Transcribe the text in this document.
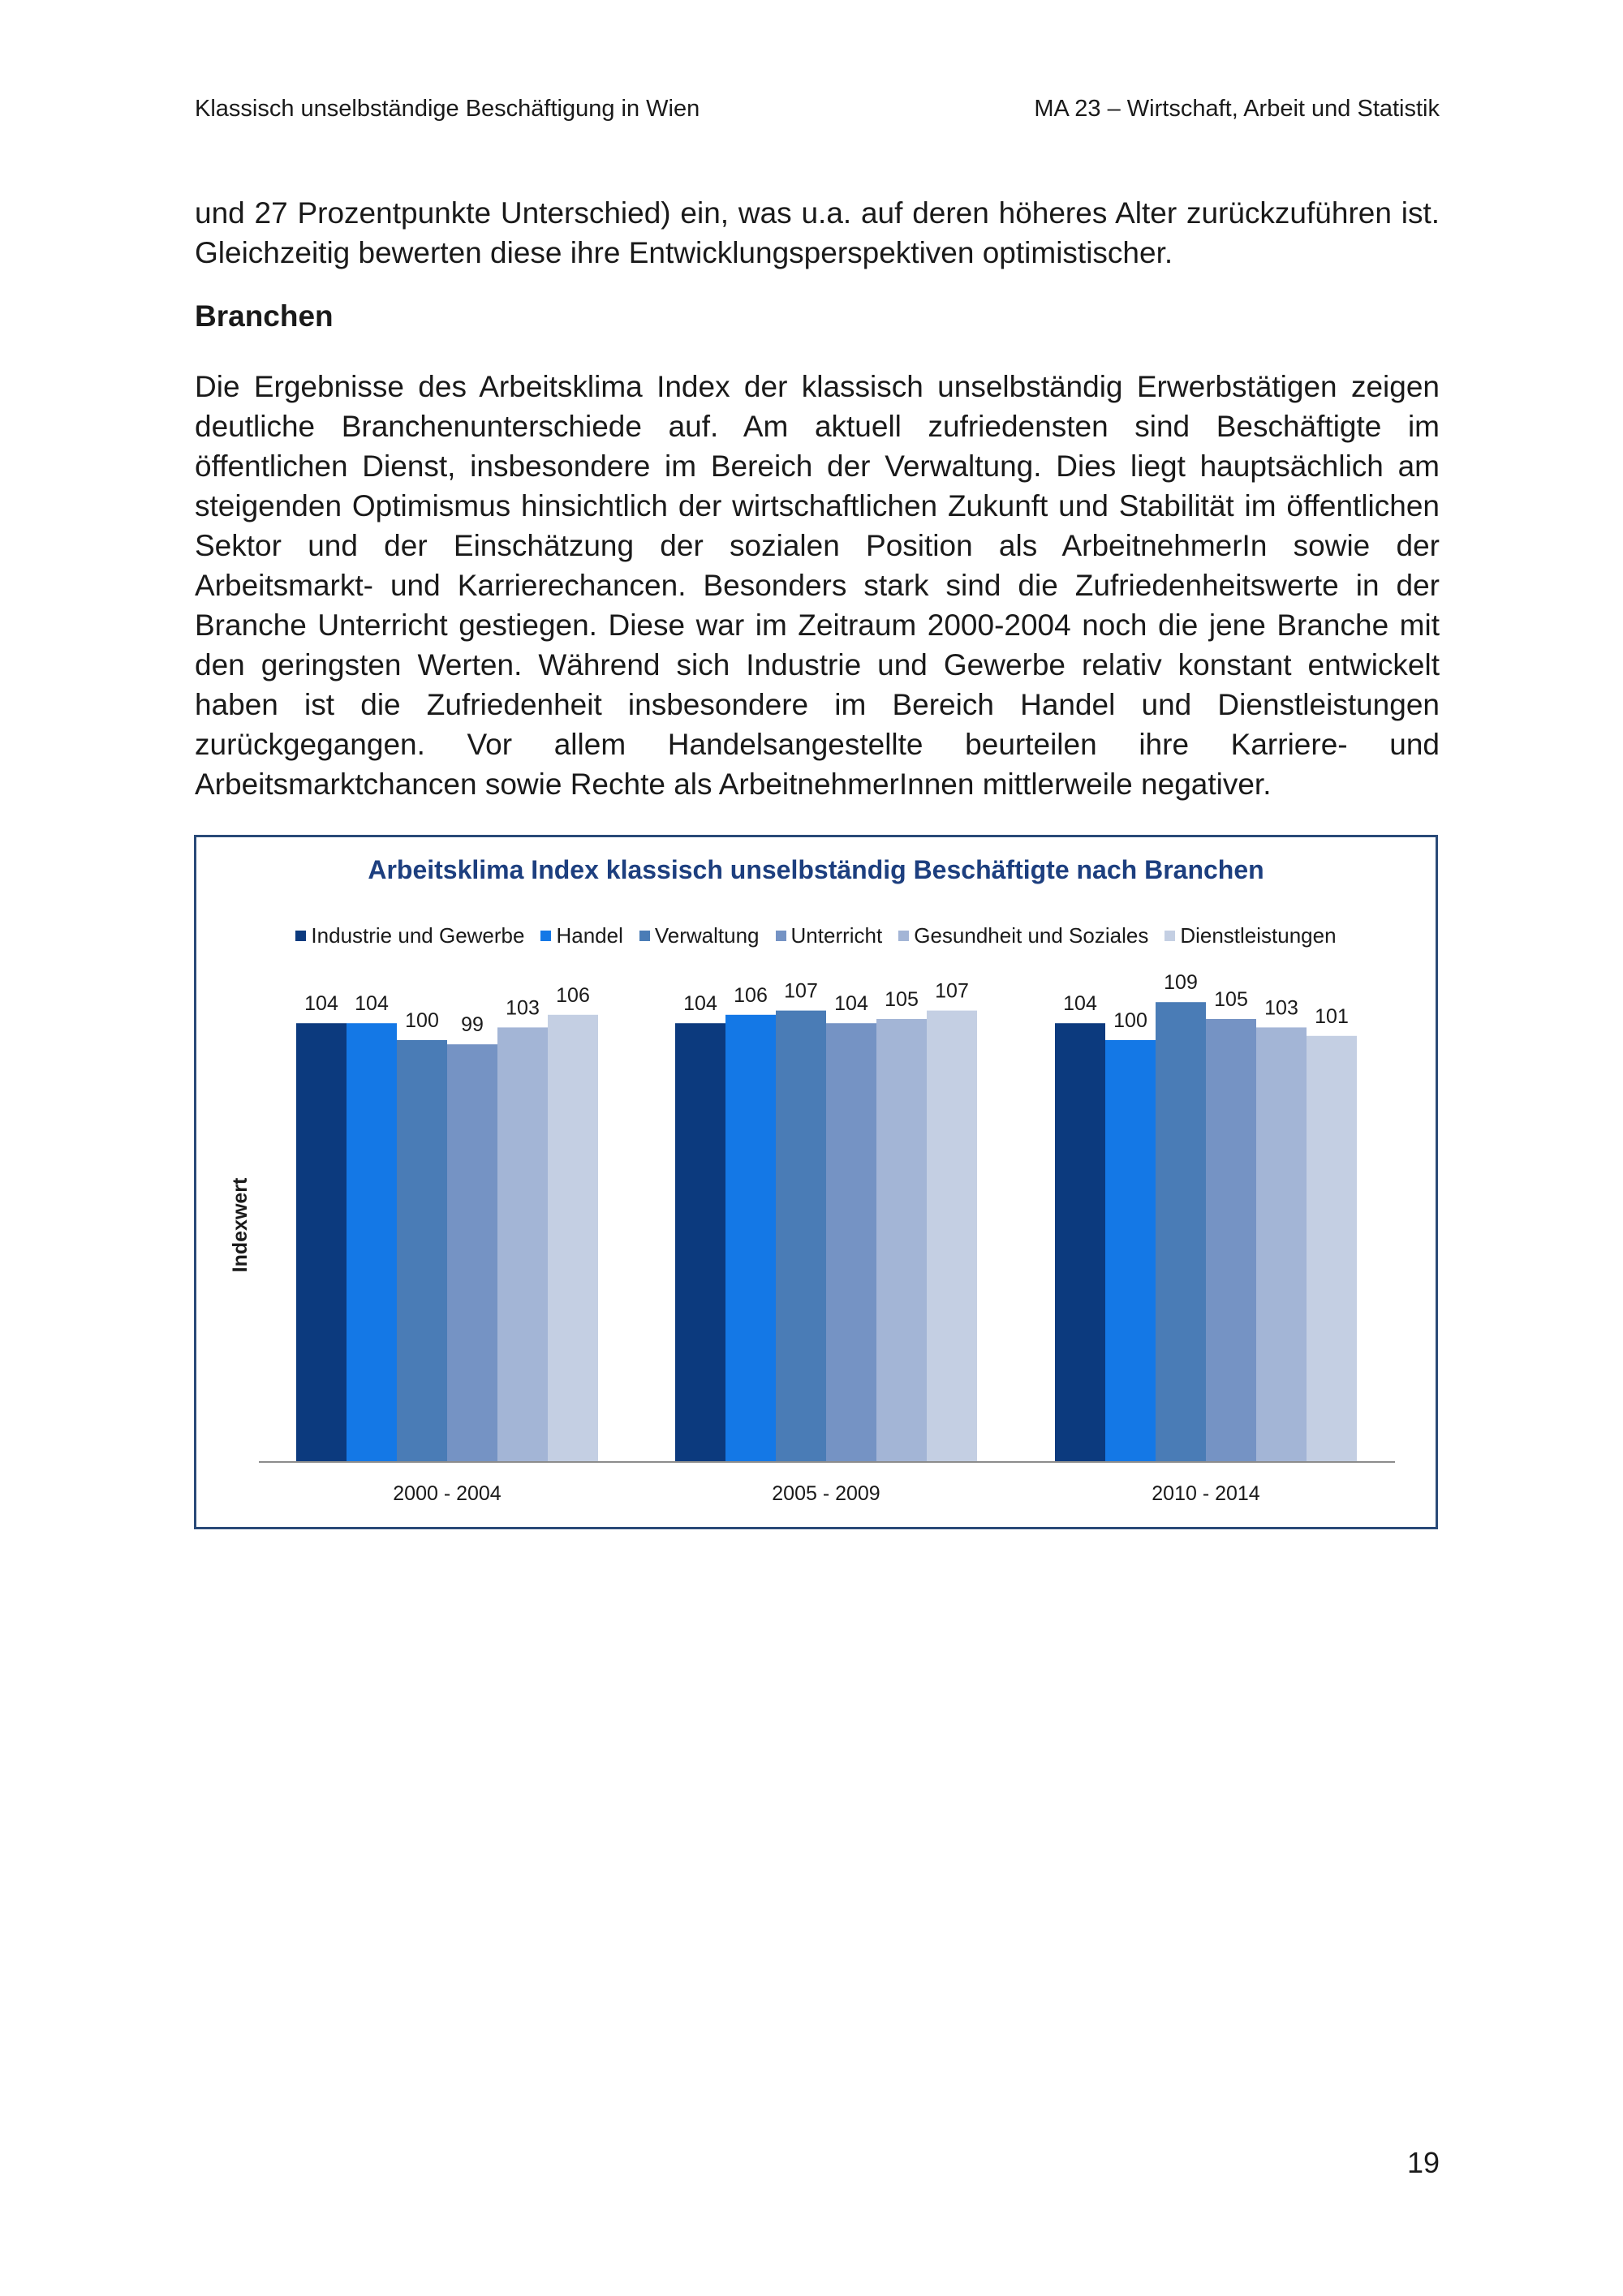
Klassisch unselbständige Beschäftigung in Wien	MA 23 – Wirtschaft, Arbeit und Statistik

und 27 Prozentpunkte Unterschied) ein, was u.a. auf deren höheres Alter zurückzuführen ist. Gleichzeitig bewerten diese ihre Entwicklungsperspektiven optimistischer.

Branchen

Die Ergebnisse des Arbeitsklima Index der klassisch unselbständig Erwerbstätigen zeigen deutliche Branchenunterschiede auf. Am aktuell zufriedensten sind Beschäftigte im öffentlichen Dienst, insbesondere im Bereich der Verwaltung. Dies liegt hauptsächlich am steigenden Optimismus hinsichtlich der wirtschaftlichen Zukunft und Stabilität im öffentlichen Sektor und der Einschätzung der sozialen Position als ArbeitnehmerIn sowie der Arbeitsmarkt- und Karrierechancen. Besonders stark sind die Zufriedenheitswerte in der Branche Unterricht gestiegen. Diese war im Zeitraum 2000-2004 noch die jene Branche mit den geringsten Werten. Während sich Industrie und Gewerbe relativ konstant entwickelt haben ist die Zufriedenheit insbesondere im Bereich Handel und Dienstleistungen zurückgegangen. Vor allem Handelsangestellte beurteilen ihre Karriere- und Arbeitsmarktchancen sowie Rechte als ArbeitnehmerInnen mittlerweile negativer.

Arbeitsklima Index klassisch unselbständig Beschäftigte nach Branchen
Industrie und Gewerbe Handel Verwaltung Unterricht Gesundheit und Soziales Dienstleistungen
104 104
100 99
103
106
2000 - 2004
104 106 107
104 105 107
2005 - 2009
104
100
109
105 103 101
2010 - 2014
Indexwert
19
